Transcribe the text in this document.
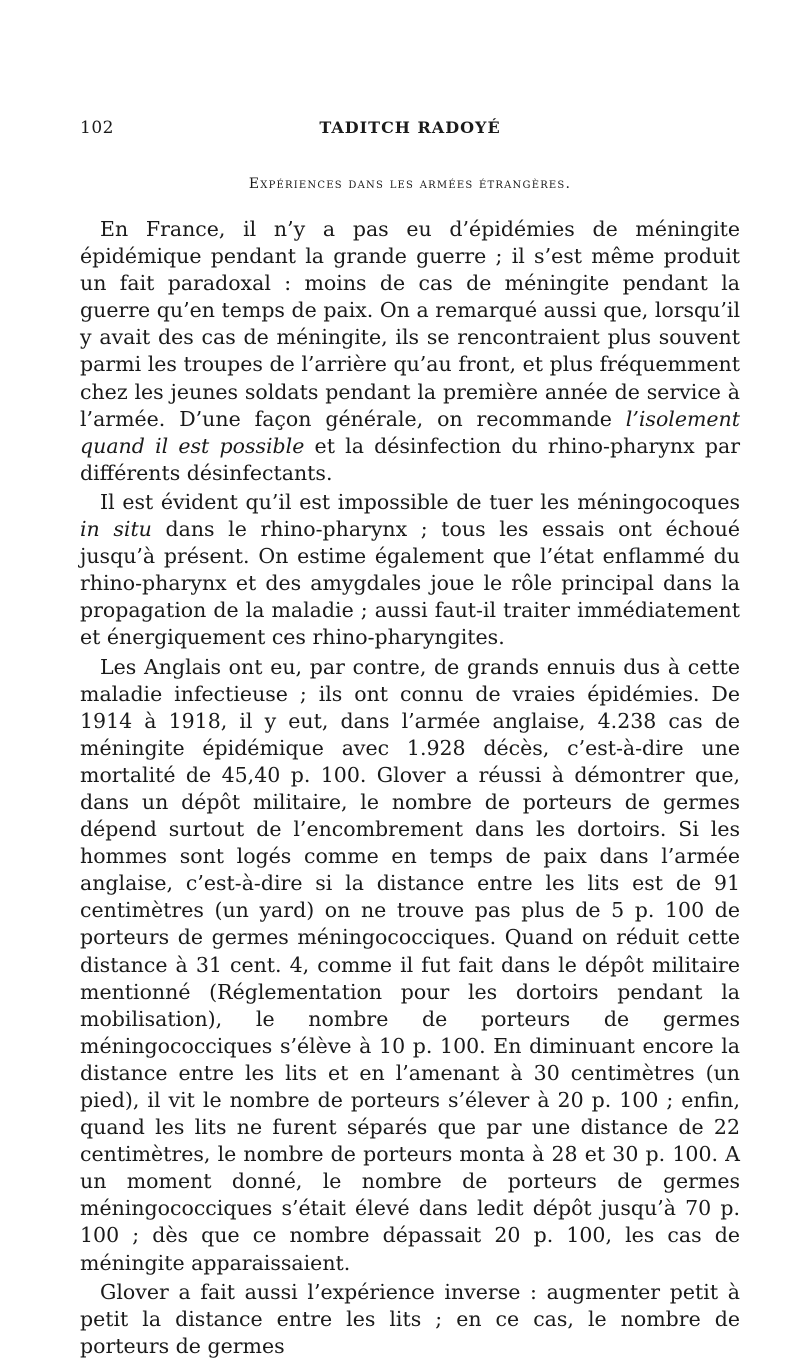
102	TADITCH RADOYÉ
Expériences dans les armées étrangères.

En France, il n’y a pas eu d’épidémies de méningite épidémique pendant la grande guerre ; il s’est même produit un fait paradoxal : moins de cas de méningite pendant la guerre qu’en temps de paix. On a remarqué aussi que, lorsqu’il y avait des cas de méningite, ils se rencontraient plus souvent parmi les troupes de l’arrière qu’au front, et plus fréquemment chez les jeunes soldats pendant la première année de service à l’armée. D’une façon générale, on recommande l’isolement quand il est possible et la désinfection du rhino-pharynx par différents désinfectants.

Il est évident qu’il est impossible de tuer les méningocoques in situ dans le rhino-pharynx ; tous les essais ont échoué jusqu’à présent. On estime également que l’état enflammé du rhino-pharynx et des amygdales joue le rôle principal dans la propagation de la maladie ; aussi faut-il traiter immédiatement et énergiquement ces rhino-pharyngites.

Les Anglais ont eu, par contre, de grands ennuis dus à cette maladie infectieuse ; ils ont connu de vraies épidémies. De 1914 à 1918, il y eut, dans l’armée anglaise, 4.238 cas de méningite épidémique avec 1.928 décès, c’est-à-dire une mortalité de 45,40 p. 100. Glover a réussi à démontrer que, dans un dépôt militaire, le nombre de porteurs de germes dépend surtout de l’encombrement dans les dortoirs. Si les hommes sont logés comme en temps de paix dans l’armée anglaise, c’est-à-dire si la distance entre les lits est de 91 centimètres (un yard) on ne trouve pas plus de 5 p. 100 de porteurs de germes méningococciques. Quand on réduit cette distance à 31 cent. 4, comme il fut fait dans le dépôt militaire mentionné (Réglementation pour les dortoirs pendant la mobilisation), le nombre de porteurs de germes méningococciques s’élève à 10 p. 100. En diminuant encore la distance entre les lits et en l’amenant à 30 centimètres (un pied), il vit le nombre de porteurs s’élever à 20 p. 100 ; enfin, quand les lits ne furent séparés que par une distance de 22 centimètres, le nombre de porteurs monta à 28 et 30 p. 100. A un moment donné, le nombre de porteurs de germes méningococciques s’était élevé dans ledit dépôt jusqu’à 70 p. 100 ; dès que ce nombre dépassait 20 p. 100, les cas de méningite apparaissaient.

Glover a fait aussi l’expérience inverse : augmenter petit à petit la distance entre les lits ; en ce cas, le nombre de porteurs de germes
